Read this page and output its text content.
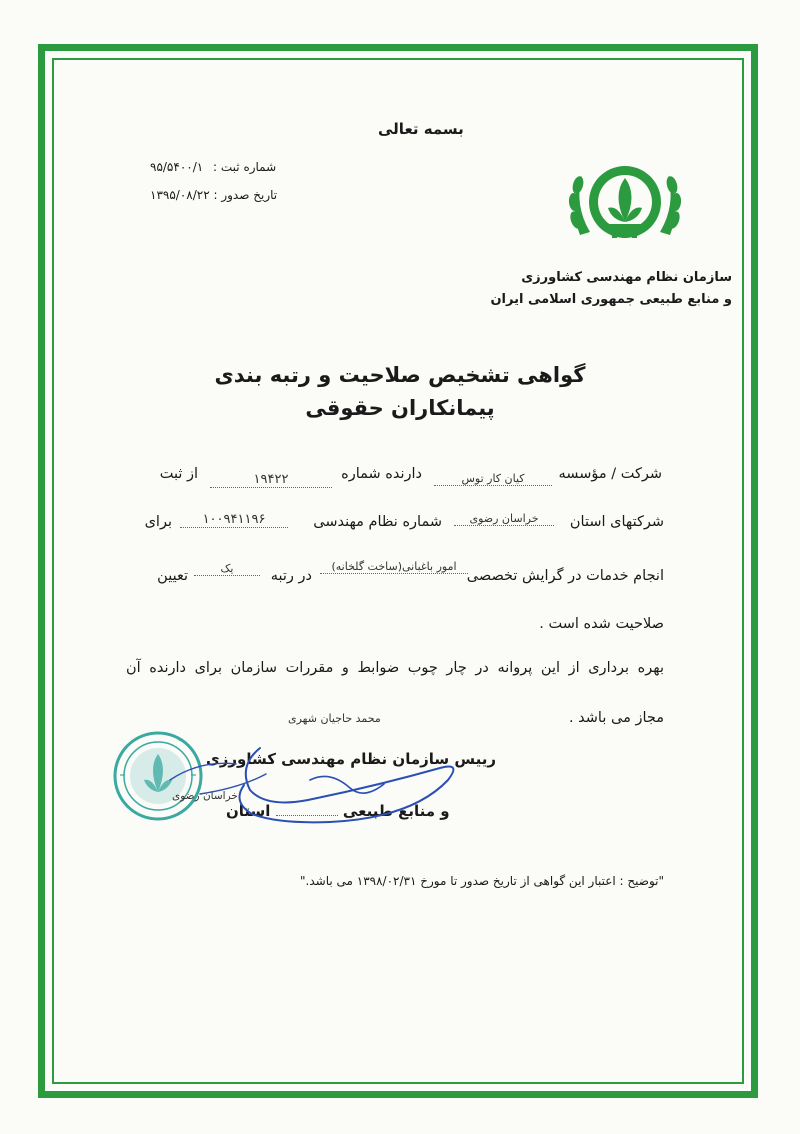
بسمه تعالی
شماره ثبت : ۹۵/۵۴۰۰/۱
تاریخ صدور : ۱۳۹۵/۰۸/۲۲
سازمان نظام مهندسی کشاورزی
و منابع طبیعی جمهوری اسلامی ایران
گواهی تشخیص صلاحیت و رتبه بندی
پیمانکاران حقوقی
شرکت / مؤسسه
کیان کار توس
دارنده شماره
۱۹۴۲۲
از ثبت
شرکتهای استان
خراسان رضوی
شماره نظام مهندسی
۱۰۰۹۴۱۱۹۶
برای
انجام خدمات در گرایش تخصصی
امور باغبانی(ساخت گلخانه)
در رتبه
یک
تعیین
صلاحیت شده است .
بهره برداری از این پروانه در چار چوب ضوابط و مقررات سازمان برای دارنده آن
مجاز می باشد .
محمد حاجیان شهری
رییس سازمان نظام مهندسی کشاورزی
و منابع طبیعی  استان
خراسان رضوی
"توضیح : اعتبار این گواهی از تاریخ صدور تا مورخ ۱۳۹۸/۰۲/۳۱ می باشد."
